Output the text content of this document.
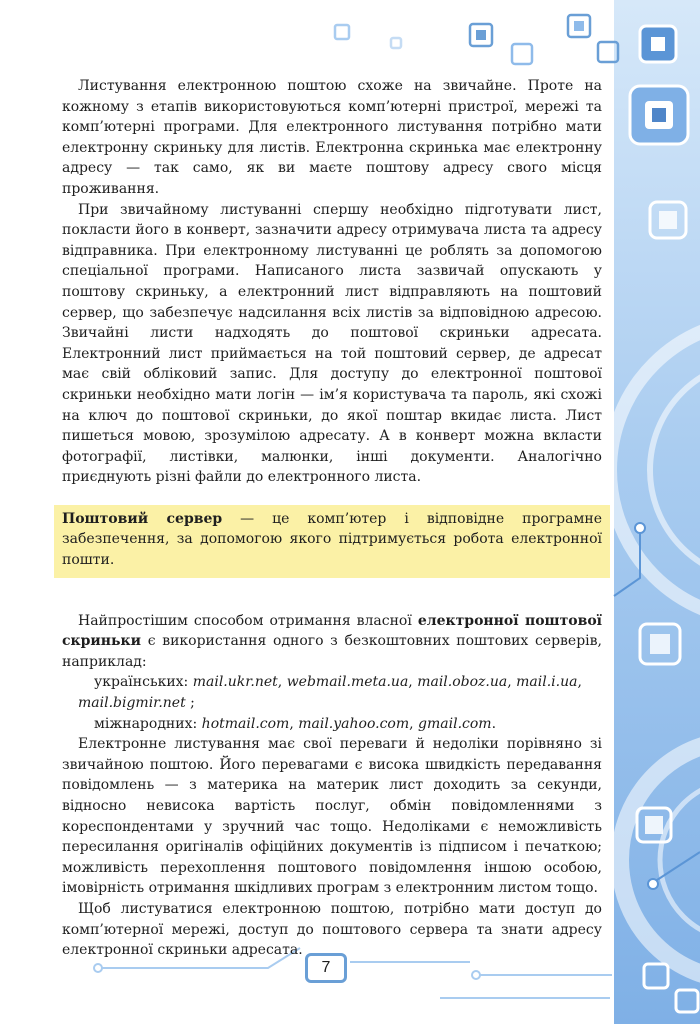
Листування електронною поштою схоже на звичайне. Проте на кожному з етапів використовуються комп’ютерні пристрої, мережі та комп’ютерні програми. Для електронного листування потрібно мати електронну скриньку для листів. Електронна скринька має електронну адресу — так само, як ви маєте поштову адресу свого місця проживання.

При звичайному листуванні спершу необхідно підготувати лист, покласти його в конверт, зазначити адресу отримувача листа та адресу відправника. При електронному листуванні це роблять за допомогою спеціальної програми. Написаного листа зазвичай опускають у поштову скриньку, а електронний лист відправляють на поштовий сервер, що забезпечує надсилання всіх листів за відповідною адресою. Звичайні листи надходять до поштової скриньки адресата. Електронний лист приймається на той поштовий сервер, де адресат має свій обліковий запис. Для доступу до електронної поштової скриньки необхідно мати логін — ім’я користувача та пароль, які схожі на ключ до поштової скриньки, до якої поштар вкидає листа. Лист пишеться мовою, зрозумілою адресату. А в конверт можна вкласти фотографії, листівки, малюнки, інші документи. Аналогічно приєднують різні файли до електронного листа.

Поштовий сервер — це комп’ютер і відповідне програмне забезпечення, за допомогою якого підтримується робота електронної пошти.

Найпростішим способом отримання власної електронної поштової скриньки є використання одного з безкоштовних поштових серверів, наприклад:

українських: mail.ukr.net, webmail.meta.ua, mail.oboz.ua, mail.i.ua, mail.bigmir.net ;

міжнародних: hotmail.com, mail.yahoo.com, gmail.com.

Електронне листування має свої переваги й недоліки порівняно зі звичайною поштою. Його перевагами є висока швидкість передавання повідомлень — з материка на материк лист доходить за секунди, відносно невисока вартість послуг, обмін повідомленнями з кореспондентами у зручний час тощо. Недоліками є неможливість пересилання оригіналів офіційних документів із підписом і печаткою; можливість перехоплення поштового повідомлення іншою особою, імовірність отримання шкідливих програм з електронним листом тощо.

Щоб листуватися електронною поштою, потрібно мати доступ до комп’ютерної мережі, доступ до поштового сервера та знати адресу електронної скриньки адресата.

7
